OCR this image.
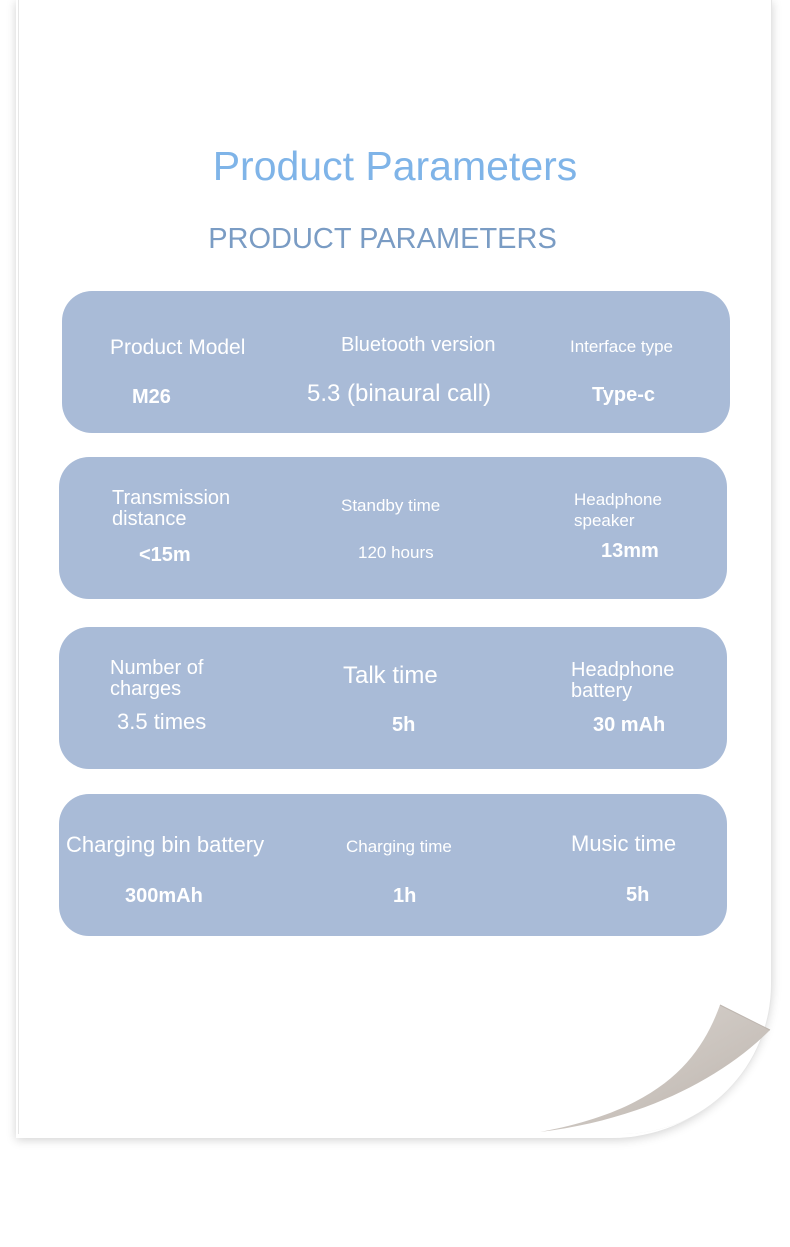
Product Parameters
PRODUCT PARAMETERS
Product Model
M26
Bluetooth version
5.3 (binaural call)
Interface type
Type-c
Transmission distance
<15m
Standby time
120 hours
Headphone speaker
13mm
Number of charges
3.5 times
Talk time
5h
Headphone battery
30 mAh
Charging bin battery
300mAh
Charging time
1h
Music time
5h
